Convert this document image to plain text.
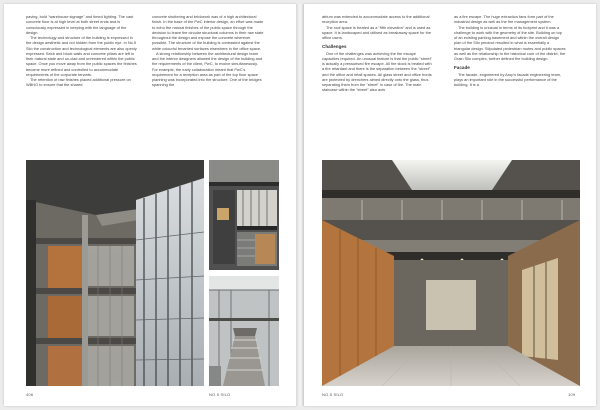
paving, bold "warehouse signage" and timed lighting. The cast concrete floor is at high level at both street ends and is consciously expressed in keeping with the language of the design.

The technology and structure of the building is expressed in the design aesthetic and not hidden from the public eye. In No.5 Silo the construction and technological elements are also openly expressed. Brick and block walls and concrete pillars are left in their natural state and un-clad and unrendered within the public space. Once you move away from the public spaces the finishes become more refined and controlled to accommodate requirements of the corporate tenants.

The retention of raw finishes placed additional pressure on WBHO to ensure that the shared

concrete shuttering and brickwork was of a high architectural finish. In the base of the PwC interior design, an effort was made to echo the natural finishes of the public space through the decision to leave the circular structural columns in their raw state throughout the design and expose the concrete wherever possible. The structure of the building is contrasted against the white colourful tenanted surfaces elsewhere in the office space.

A strong relationship between the architectural design team and the interior designers allowed the design of the building and the requirements of the client, PwC, to evolve simultaneously. For example, the early collaboration meant that PwC's requirement for a reception area as part of the top floor space planning was incorporated into the structure. One of the bridges spanning the

406	NO.5 SILO

atrium was extended to accommodate access to the additional reception area.

The roof space is treated as a "fifth elevation" and is used as space. It is landscaped and utilised as breakaway space for the office users.

Challenges

One of the challenges was achieving the fire escape capacities required. An unusual feature is that the public "street" is actually a pressurised fire escape. All fire stock is treated with a fire retardant and there is the separation between the "street" and the office and retail spaces. All glass street and office fronts are protected by drenchers aimed directly onto the glass, thus separating them from the "street" in case of fire. The main staircase within the "street" also acts

as a fire escape. The huge extraction fans form part of the industrial design as well as the fire management system.

The building is unusual in terms of its footprint and it was a challenge to work with the geometry of the site. Building on top of an existing parking basement and within the overall design plan of the Silo precinct resulted in what is essentially a triangular design. Stipulated pedestrian routes and public spaces as well as the relationship to the historical core of the district, the Grain Silo complex, further defined the building design.

Facade

The facade, engineered by Arup's facade engineering team, plays an important role in the successful performance of the building. It is a

NO.5 SILO	109
